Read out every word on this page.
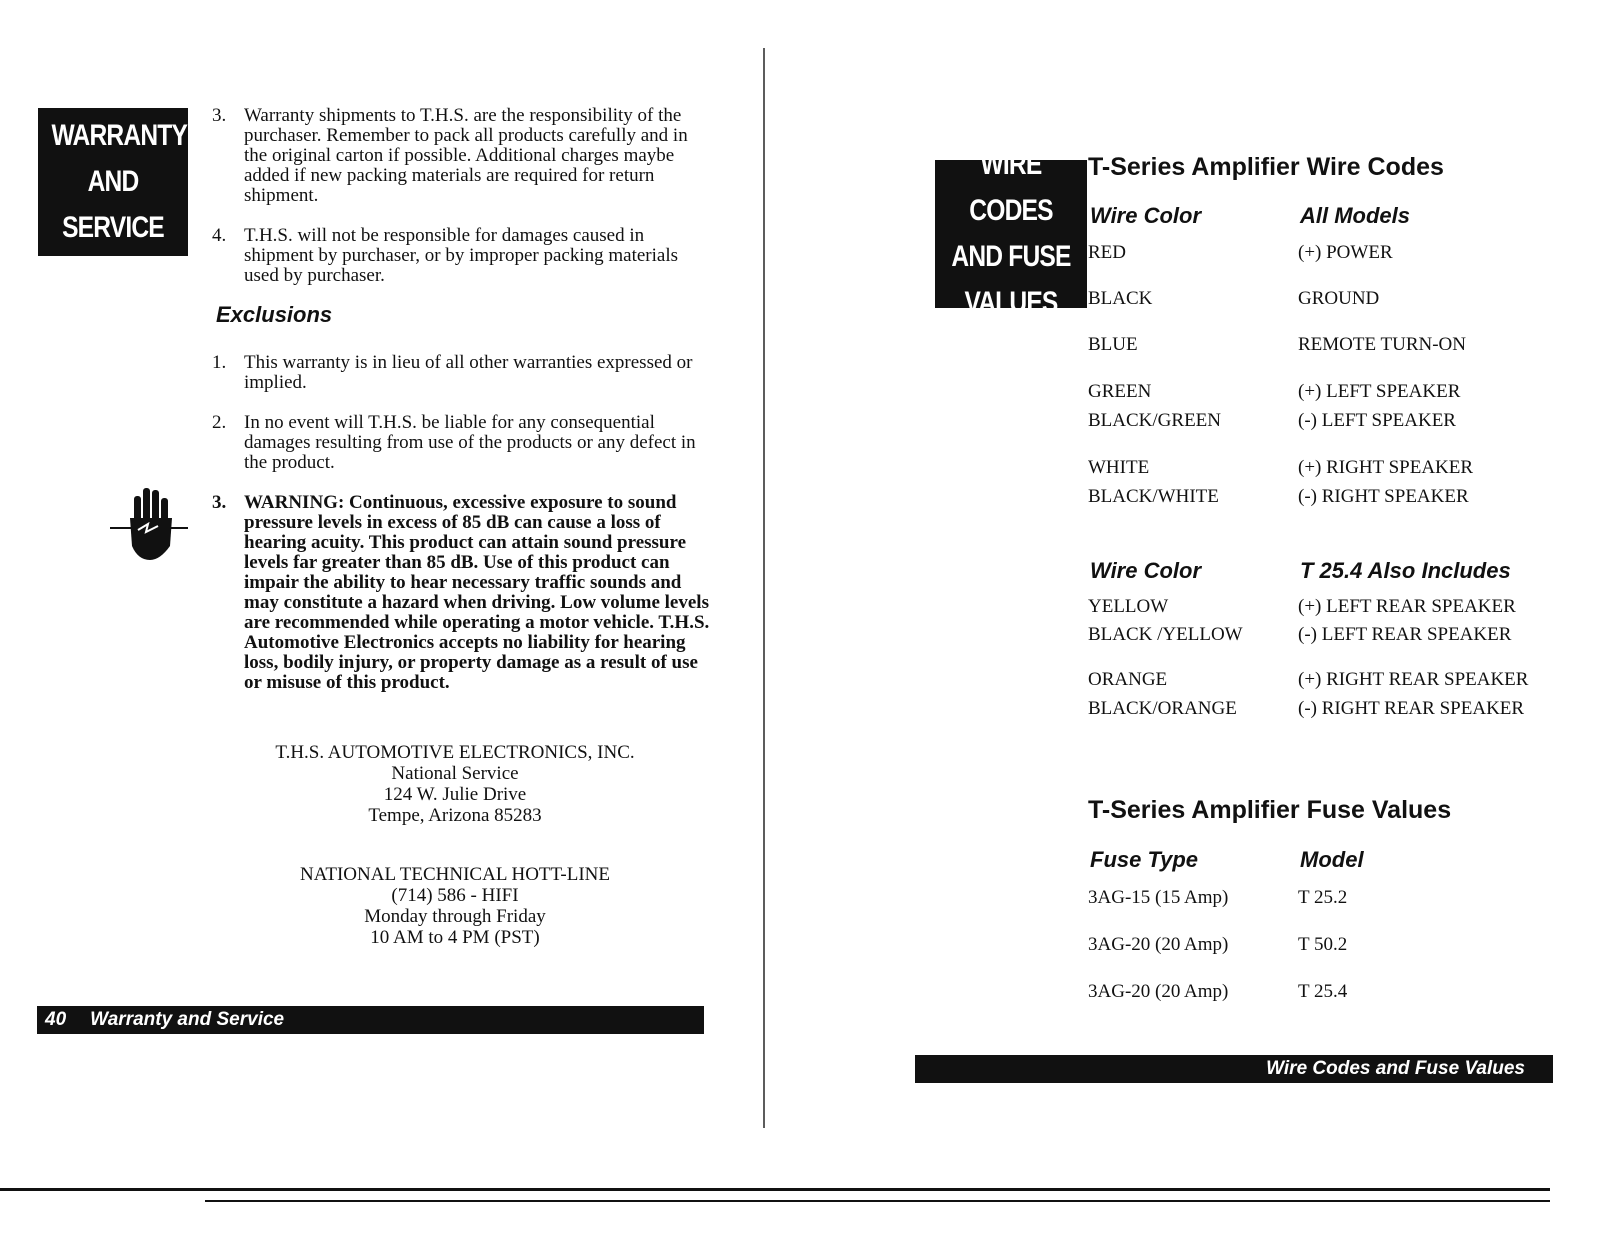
WARRANTY
AND
SERVICE
3. Warranty shipments to T.H.S. are the responsibility of the purchaser. Remember to pack all products carefully and in the original carton if possible. Additional charges maybe added if new packing materials are required for return shipment.
4. T.H.S. will not be responsible for damages caused in shipment by purchaser, or by improper packing materials used by purchaser.
Exclusions
1. This warranty is in lieu of all other warranties expressed or implied.
2. In no event will T.H.S. be liable for any consequential damages resulting from use of the products or any defect in the product.
3. WARNING: Continuous, excessive exposure to sound pressure levels in excess of 85 dB can cause a loss of hearing acuity. This product can attain sound pressure levels far greater than 85 dB. Use of this product can impair the ability to hear necessary traffic sounds and may constitute a hazard when driving. Low volume levels are recommended while operating a motor vehicle. T.H.S. Automotive Electronics accepts no liability for hearing loss, bodily injury, or property damage as a result of use or misuse of this product.
T.H.S. AUTOMOTIVE ELECTRONICS, INC.
National Service
124 W. Julie Drive
Tempe, Arizona 85283
NATIONAL TECHNICAL HOTT-LINE
(714) 586 - HIFI
Monday through Friday
10 AM to 4 PM (PST)
40 Warranty and Service
WIRE CODES
AND FUSE
VALUES
T-Series Amplifier Wire Codes
Wire Color	All Models
RED	(+) POWER
BLACK	GROUND
BLUE	REMOTE TURN-ON
GREEN	(+) LEFT SPEAKER
BLACK/GREEN	(-) LEFT SPEAKER
WHITE	(+) RIGHT SPEAKER
BLACK/WHITE	(-) RIGHT SPEAKER
Wire Color	T 25.4 Also Includes
YELLOW	(+) LEFT REAR SPEAKER
BLACK /YELLOW	(-) LEFT REAR SPEAKER
ORANGE	(+) RIGHT REAR SPEAKER
BLACK/ORANGE	(-) RIGHT REAR SPEAKER
T-Series Amplifier Fuse Values
Fuse Type	Model
3AG-15 (15 Amp)	T 25.2
3AG-20 (20 Amp)	T 50.2
3AG-20 (20 Amp)	T 25.4
Wire Codes and Fuse Values
